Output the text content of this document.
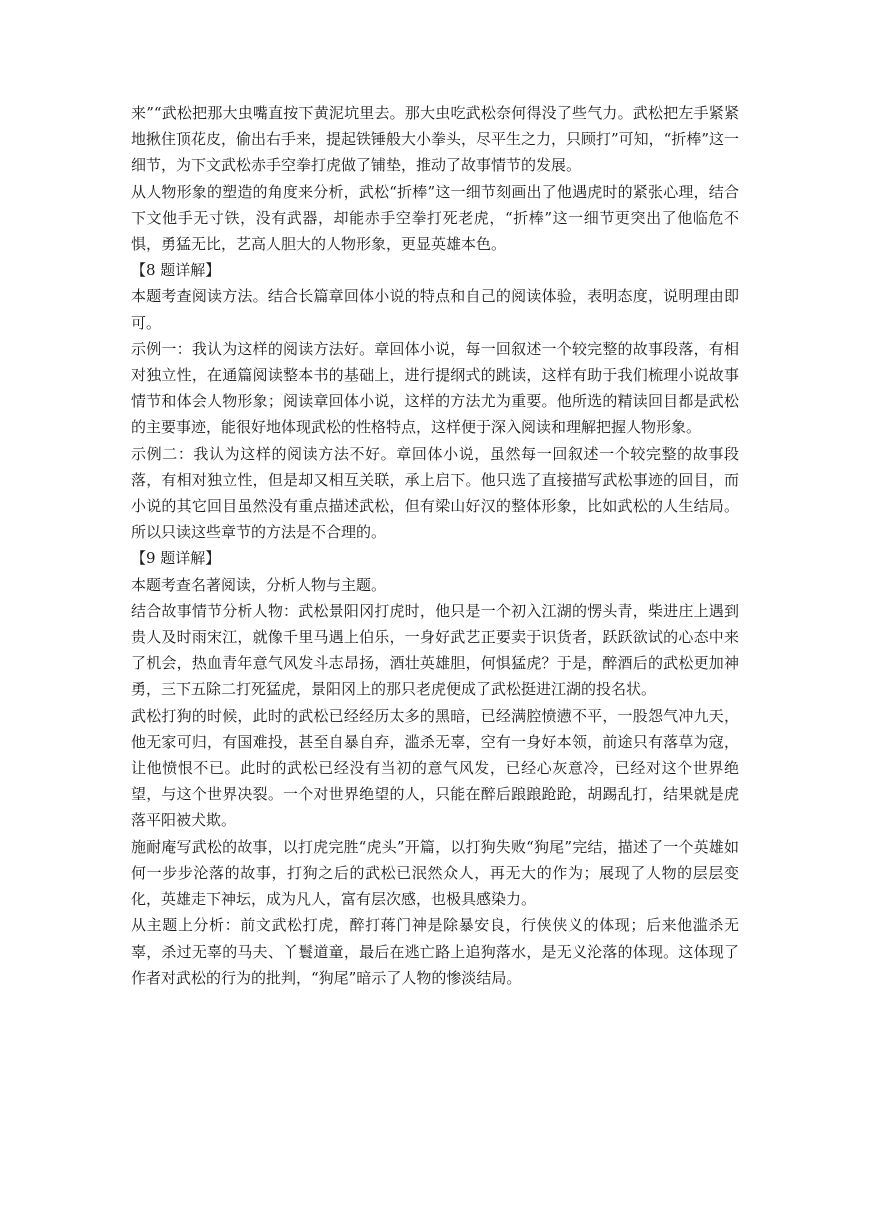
来”“武松把那大虫嘴直按下黄泥坑里去。那大虫吃武松奈何得没了些气力。武松把左手紧紧地揪住顶花皮，偷出右手来，提起铁锤般大小拳头，尽平生之力，只顾打”可知，“折棒”这一细节，为下文武松赤手空拳打虎做了铺垫，推动了故事情节的发展。

从人物形象的塑造的角度来分析，武松“折棒”这一细节刻画出了他遇虎时的紧张心理，结合下文他手无寸铁，没有武器，却能赤手空拳打死老虎，“折棒”这一细节更突出了他临危不惧，勇猛无比，艺高人胆大的人物形象，更显英雄本色。

【8 题详解】

本题考查阅读方法。结合长篇章回体小说的特点和自己的阅读体验，表明态度，说明理由即可。

示例一：我认为这样的阅读方法好。章回体小说，每一回叙述一个较完整的故事段落，有相对独立性，在通篇阅读整本书的基础上，进行提纲式的跳读，这样有助于我们梳理小说故事情节和体会人物形象；阅读章回体小说，这样的方法尤为重要。他所选的精读回目都是武松的主要事迹，能很好地体现武松的性格特点，这样便于深入阅读和理解把握人物形象。

示例二：我认为这样的阅读方法不好。章回体小说，虽然每一回叙述一个较完整的故事段落，有相对独立性，但是却又相互关联，承上启下。他只选了直接描写武松事迹的回目，而小说的其它回目虽然没有重点描述武松，但有梁山好汉的整体形象，比如武松的人生结局。所以只读这些章节的方法是不合理的。

【9 题详解】

本题考查名著阅读，分析人物与主题。

结合故事情节分析人物：武松景阳冈打虎时，他只是一个初入江湖的愣头青，柴进庄上遇到贵人及时雨宋江，就像千里马遇上伯乐，一身好武艺正要卖于识货者，跃跃欲试的心态中来了机会，热血青年意气风发斗志昂扬，酒壮英雄胆，何惧猛虎？于是，醉酒后的武松更加神勇，三下五除二打死猛虎，景阳冈上的那只老虎便成了武松挺进江湖的投名状。

武松打狗的时候，此时的武松已经经历太多的黑暗，已经满腔愤懑不平，一股怨气冲九天，他无家可归，有国难投，甚至自暴自弃，滥杀无辜，空有一身好本领，前途只有落草为寇，让他愤恨不已。此时的武松已经没有当初的意气风发，已经心灰意冷，已经对这个世界绝望，与这个世界决裂。一个对世界绝望的人，只能在醉后踉踉跄跄，胡踢乱打，结果就是虎落平阳被犬欺。

施耐庵写武松的故事，以打虎完胜“虎头”开篇，以打狗失败“狗尾”完结，描述了一个英雄如何一步步沦落的故事，打狗之后的武松已泯然众人，再无大的作为；展现了人物的层层变化，英雄走下神坛，成为凡人，富有层次感，也极具感染力。

从主题上分析：前文武松打虎，醉打蒋门神是除暴安良，行侠侠义的体现；后来他滥杀无辜，杀过无辜的马夫、丫鬟道童，最后在逃亡路上追狗落水，是无义沦落的体现。这体现了作者对武松的行为的批判，“狗尾”暗示了人物的惨淡结局。
